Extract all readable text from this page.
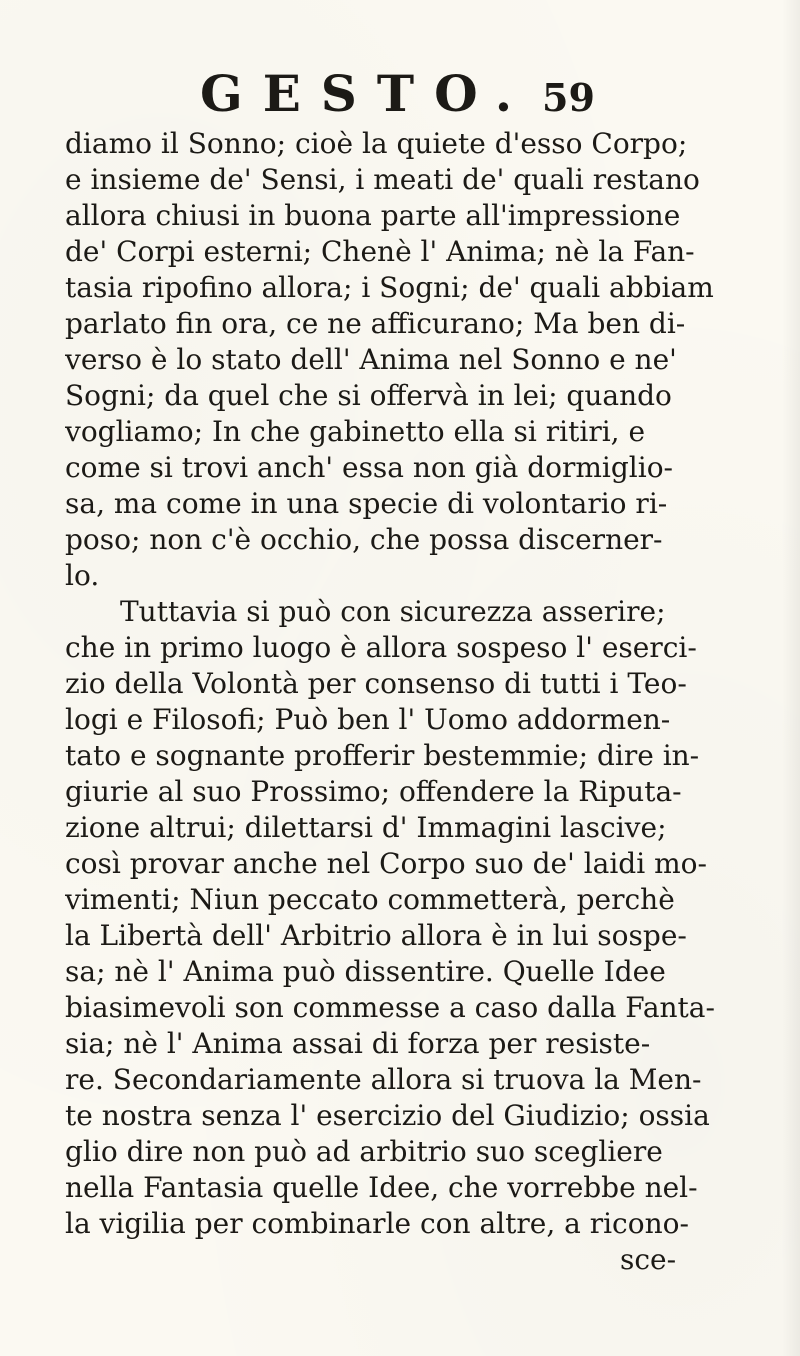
GESTO. 59
diamo il Sonno; cioè la quiete d'esso Corpo;
e insieme de' Sensi, i meati de' quali restano
allora chiusi in buona parte all'impressione
de' Corpi esterni; Chenè l' Anima; nè la Fan-
tasia ripofino allora; i Sogni; de' quali abbiam
parlato fin ora, ce ne afficurano; Ma ben di-
verso è lo stato dell' Anima nel Sonno e ne'
Sogni; da quel che si offervà in lei; quando
vogliamo; In che gabinetto ella si ritiri, e
come si trovi anch' essa non già dormiglio-
sa, ma come in una specie di volontario ri-
poso; non c'è occhio, che possa discerner-
lo.
Tuttavia si può con sicurezza asserire;
che in primo luogo è allora sospeso l' eserci-
zio della Volontà per consenso di tutti i Teo-
logi e Filosofi; Può ben l' Uomo addormen-
tato e sognante profferir bestemmie; dire in-
giurie al suo Prossimo; offendere la Riputa-
zione altrui; dilettarsi d' Immagini lascive;
così provar anche nel Corpo suo de' laidi mo-
vimenti; Niun peccato commetterà, perchè
la Libertà dell' Arbitrio allora è in lui sospe-
sa; nè l' Anima può dissentire. Quelle Idee
biasimevoli son commesse a caso dalla Fanta-
sia; nè l' Anima assai di forza per resiste-
re. Secondariamente allora si truova la Men-
te nostra senza l' esercizio del Giudizio; ossia
glio dire non può ad arbitrio suo scegliere
nella Fantasia quelle Idee, che vorrebbe nel-
la vigilia per combinarle con altre, a ricono-
sce-
